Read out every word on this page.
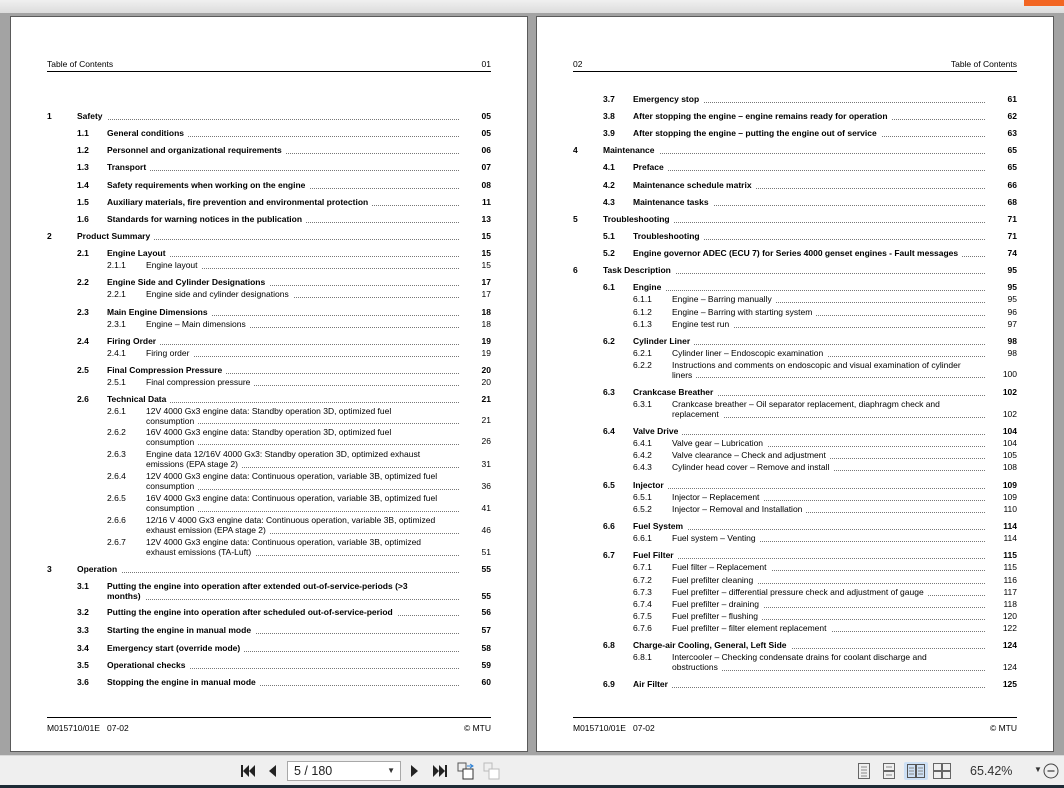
Table of Contents	01
1	Safety	05
1.1 General conditions	05
1.2 Personnel and organizational requirements	06
1.3 Transport	07
1.4 Safety requirements when working on the engine	08
1.5 Auxiliary materials, fire prevention and environmental protection	11
1.6 Standards for warning notices in the publication	13
2	Product Summary	15
2.1 Engine Layout	15
2.1.1 Engine layout	15
2.2 Engine Side and Cylinder Designations	17
2.2.1 Engine side and cylinder designations	17
2.3 Main Engine Dimensions	18
2.3.1 Engine – Main dimensions	18
2.4 Firing Order	19
2.4.1 Firing order	19
2.5 Final Compression Pressure	20
2.5.1 Final compression pressure	20
2.6 Technical Data	21
2.6.1 12V 4000 Gx3 engine data: Standby operation 3D, optimized fuel consumption	21
2.6.2 16V 4000 Gx3 engine data: Standby operation 3D, optimized fuel consumption	26
2.6.3 Engine data 12/16V 4000 Gx3: Standby operation 3D, optimized exhaust emissions (EPA stage 2)	31
2.6.4 12V 4000 Gx3 engine data: Continuous operation, variable 3B, optimized fuel consumption	36
2.6.5 16V 4000 Gx3 engine data: Continuous operation, variable 3B, optimized fuel consumption	41
2.6.6 12/16 V 4000 Gx3 engine data: Continuous operation, variable 3B, optimized exhaust emission (EPA stage 2)	46
2.6.7 12V 4000 Gx3 engine data: Continuous operation, variable 3B, optimized exhaust emissions (TA-Luft)	51
3	Operation	55
3.1 Putting the engine into operation after extended out-of-service-periods (>3 months)	55
3.2 Putting the engine into operation after scheduled out-of-service-period	56
3.3 Starting the engine in manual mode	57
3.4 Emergency start (override mode)	58
3.5 Operational checks	59
3.6 Stopping the engine in manual mode	60
M015710/01E   07-02	© MTU
02	Table of Contents
3.7 Emergency stop	61
3.8 After stopping the engine – engine remains ready for operation	62
3.9 After stopping the engine – putting the engine out of service	63
4	Maintenance	65
4.1 Preface	65
4.2 Maintenance schedule matrix	66
4.3 Maintenance tasks	68
5	Troubleshooting	71
5.1 Troubleshooting	71
5.2 Engine governor ADEC (ECU 7) for Series 4000 genset engines - Fault messages	74
6	Task Description	95
6.1 Engine	95
6.1.1 Engine – Barring manually	95
6.1.2 Engine – Barring with starting system	96
6.1.3 Engine test run	97
6.2 Cylinder Liner	98
6.2.1 Cylinder liner – Endoscopic examination	98
6.2.2 Instructions and comments on endoscopic and visual examination of cylinder liners	100
6.3 Crankcase Breather	102
6.3.1 Crankcase breather – Oil separator replacement, diaphragm check and replacement	102
6.4 Valve Drive	104
6.4.1 Valve gear – Lubrication	104
6.4.2 Valve clearance – Check and adjustment	105
6.4.3 Cylinder head cover – Remove and install	108
6.5 Injector	109
6.5.1 Injector – Replacement	109
6.5.2 Injector – Removal and Installation	110
6.6 Fuel System	114
6.6.1 Fuel system – Venting	114
6.7 Fuel Filter	115
6.7.1 Fuel filter – Replacement	115
6.7.2 Fuel prefilter cleaning	116
6.7.3 Fuel prefilter – differential pressure check and adjustment of gauge	117
6.7.4 Fuel prefilter – draining	118
6.7.5 Fuel prefilter – flushing	120
6.7.6 Fuel prefilter – filter element replacement	122
6.8 Charge-air Cooling, General, Left Side	124
6.8.1 Intercooler – Checking condensate drains for coolant discharge and obstructions	124
6.9 Air Filter	125
M015710/01E   07-02	© MTU
5 / 180	▼	65.42%	▼
